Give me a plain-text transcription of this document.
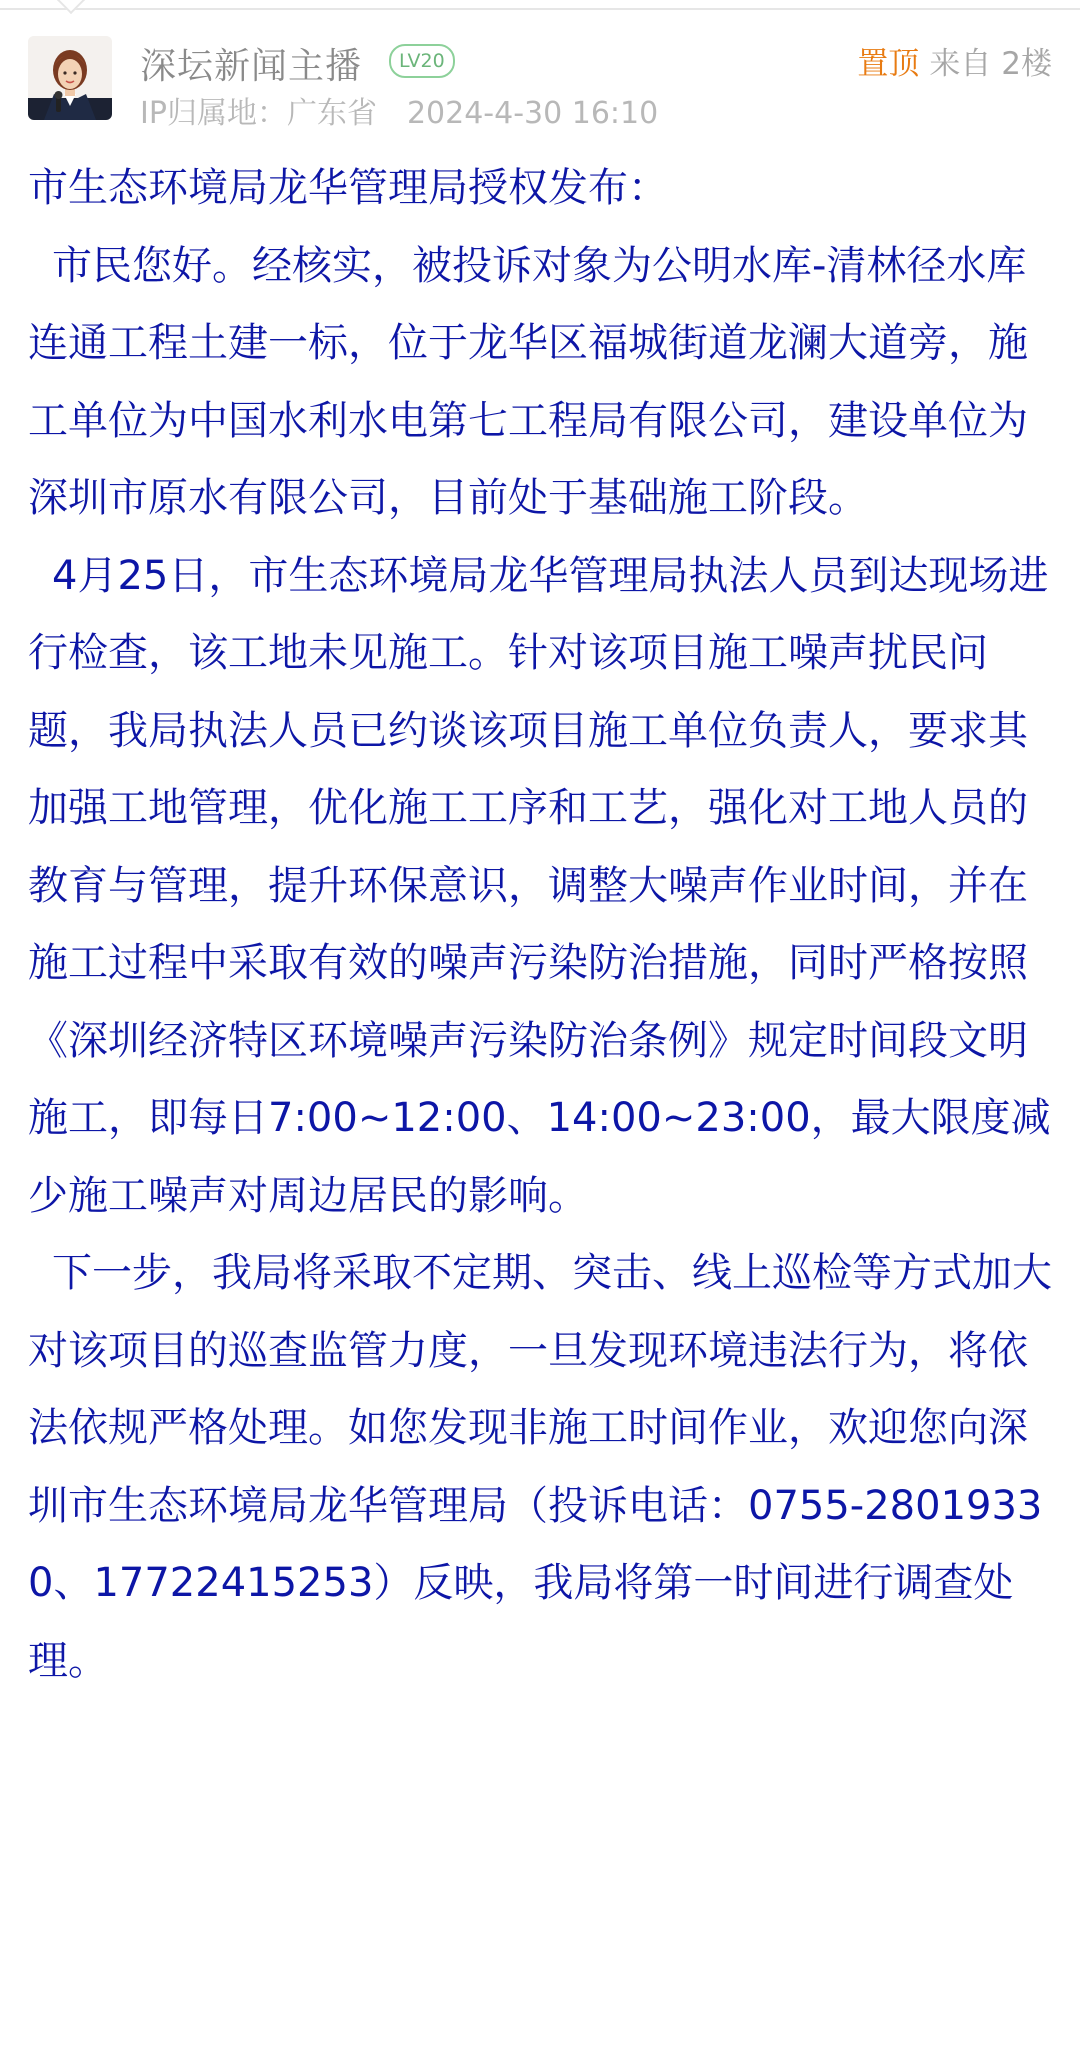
深坛新闻主播	LV20
IP归属地：广东省 2024-4-30 16:10
置顶 来自 2楼

市生态环境局龙华管理局授权发布：

市民您好。经核实，被投诉对象为公明水库-清林径水库连通工程土建一标，位于龙华区福城街道龙澜大道旁，施工单位为中国水利水电第七工程局有限公司，建设单位为深圳市原水有限公司，目前处于基础施工阶段。

4月25日，市生态环境局龙华管理局执法人员到达现场进行检查，该工地未见施工。针对该项目施工噪声扰民问题，我局执法人员已约谈该项目施工单位负责人，要求其加强工地管理，优化施工工序和工艺，强化对工地人员的教育与管理，提升环保意识，调整大噪声作业时间，并在施工过程中采取有效的噪声污染防治措施，同时严格按照《深圳经济特区环境噪声污染防治条例》规定时间段文明施工，即每日7:00~12:00、14:00~23:00，最大限度减少施工噪声对周边居民的影响。

下一步，我局将采取不定期、突击、线上巡检等方式加大对该项目的巡查监管力度，一旦发现环境违法行为，将依法依规严格处理。如您发现非施工时间作业，欢迎您向深圳市生态环境局龙华管理局（投诉电话：0755-28019330、17722415253）反映，我局将第一时间进行调查处理。
